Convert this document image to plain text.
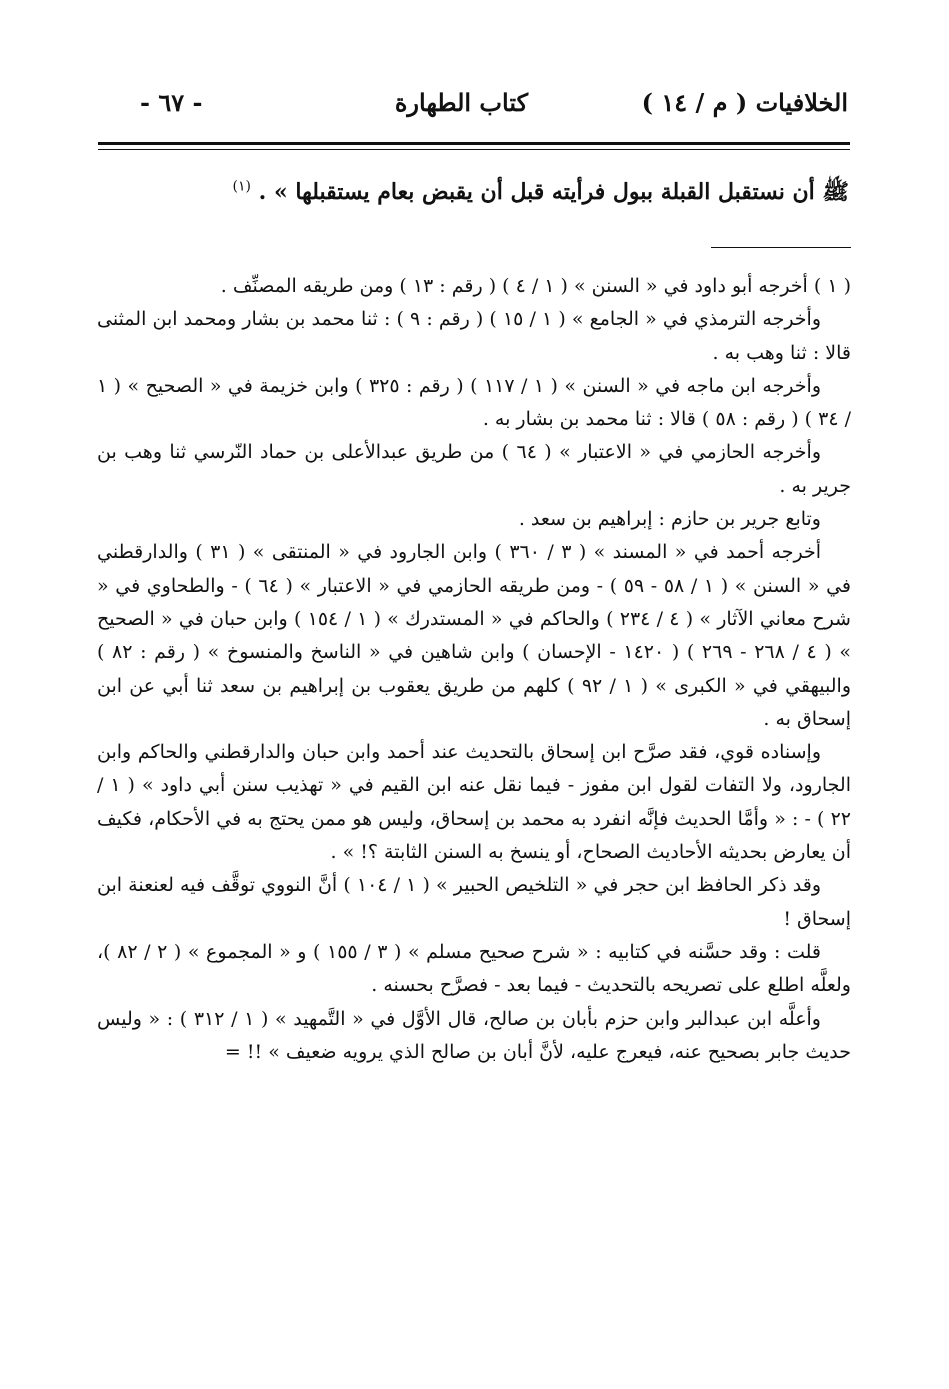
الخلافيات ( م / ١٤ )
كتاب الطهارة
- ٦٧ -
ﷺ أن نستقبل القبلة ببول فرأيته قبل أن يقبض بعام يستقبلها » . $^{(١)}$

( ١ ) أخرجه أبو داود في « السنن » ( ١ / ٤ ) ( رقم : ١٣ ) ومن طريقه المصنِّف .

وأخرجه الترمذي في « الجامع » ( ١ / ١٥ ) ( رقم : ٩ ) : ثنا محمد بن بشار ومحمد ابن المثنى قالا : ثنا وهب به .

وأخرجه ابن ماجه في « السنن » ( ١ / ١١٧ ) ( رقم : ٣٢٥ ) وابن خزيمة في « الصحيح » ( ١ / ٣٤ ) ( رقم : ٥٨ ) قالا : ثنا محمد بن بشار به .

وأخرجه الحازمي في « الاعتبار » ( ٦٤ ) من طريق عبدالأعلى بن حماد النّرسي ثنا وهب بن جرير به .

وتابع جرير بن حازم : إبراهيم بن سعد .

أخرجه أحمد في « المسند » ( ٣ / ٣٦٠ ) وابن الجارود في « المنتقى » ( ٣١ ) والدارقطني في « السنن » ( ١ / ٥٨ - ٥٩ ) - ومن طريقه الحازمي في « الاعتبار » ( ٦٤ ) - والطحاوي في « شرح معاني الآثار » ( ٤ / ٢٣٤ ) والحاكم في « المستدرك » ( ١ / ١٥٤ ) وابن حبان في « الصحيح » ( ٤ / ٢٦٨ - ٢٦٩ ) ( ١٤٢٠ - الإحسان ) وابن شاهين في « الناسخ والمنسوخ » ( رقم : ٨٢ ) والبيهقي في « الكبرى » ( ١ / ٩٢ ) كلهم من طريق يعقوب بن إبراهيم بن سعد ثنا أبي عن ابن إسحاق به .

وإسناده قوي، فقد صرَّح ابن إسحاق بالتحديث عند أحمد وابن حبان والدارقطني والحاكم وابن الجارود، ولا التفات لقول ابن مفوز - فيما نقل عنه ابن القيم في « تهذيب سنن أبي داود » ( ١ / ٢٢ ) - : « وأمَّا الحديث فإنَّه انفرد به محمد بن إسحاق، وليس هو ممن يحتج به في الأحكام، فكيف أن يعارض بحديثه الأحاديث الصحاح، أو ينسخ به السنن الثابتة ؟! » .

وقد ذكر الحافظ ابن حجر في « التلخيص الحبير » ( ١ / ١٠٤ ) أنَّ النووي توقَّف فيه لعنعنة ابن إسحاق !

قلت : وقد حسَّنه في كتابيه : « شرح صحيح مسلم » ( ٣ / ١٥٥ ) و « المجموع » ( ٢ / ٨٢ )، ولعلَّه اطلع على تصريحه بالتحديث - فيما بعد - فصرَّح بحسنه .

وأعلَّه ابن عبدالبر وابن حزم بأبان بن صالح، قال الأوَّل في « التَّمهيد » ( ١ / ٣١٢ ) : « وليس حديث جابر بصحيح عنه، فيعرج عليه، لأنَّ أبان بن صالح الذي يرويه ضعيف » !! =
